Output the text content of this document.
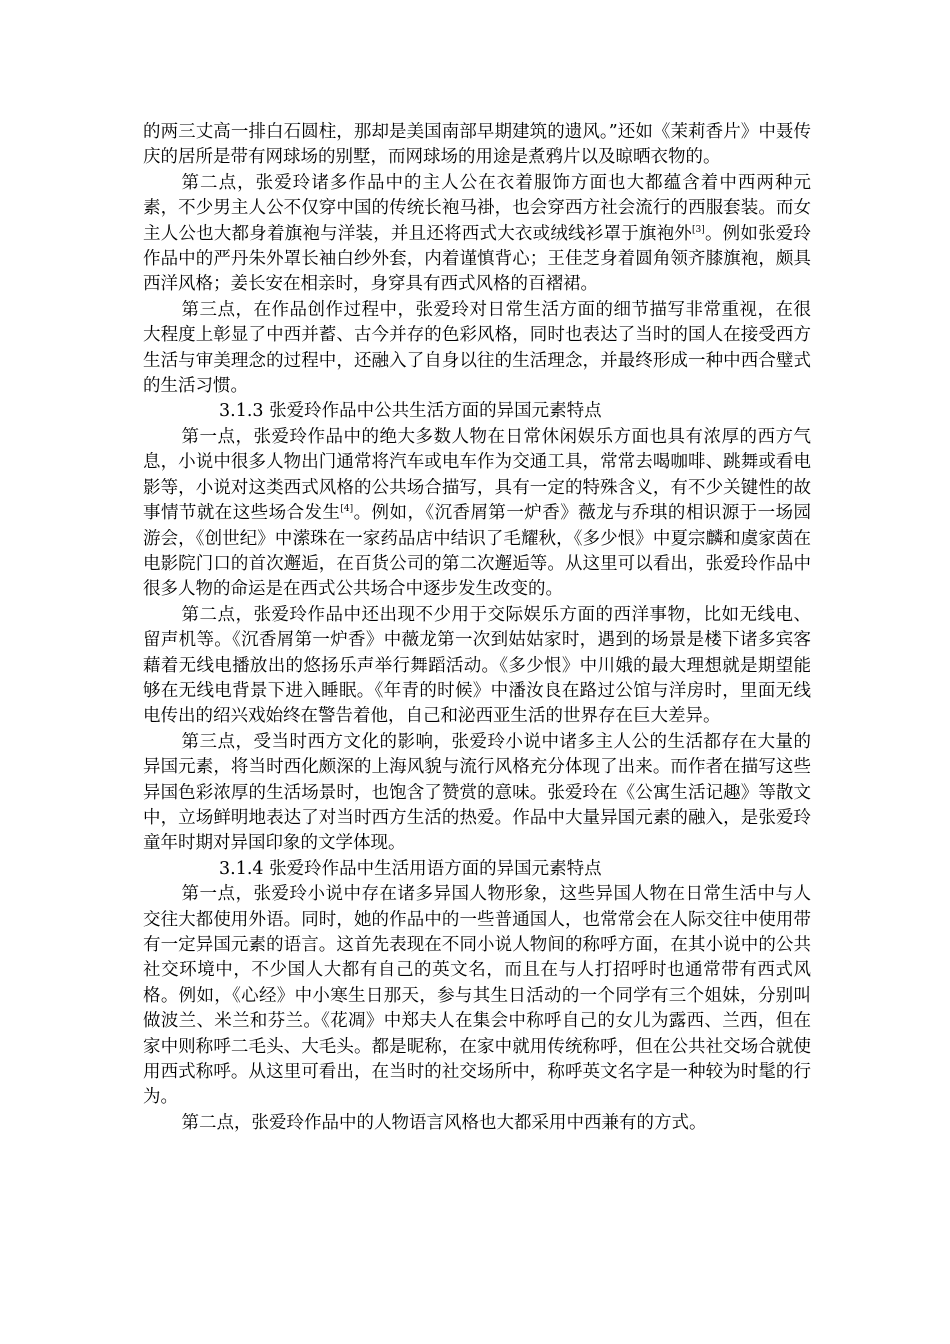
的两三丈高一排白石圆柱，那却是美国南部早期建筑的遗风。”还如《茉莉香片》中聂传庆的居所是带有网球场的别墅，而网球场的用途是煮鸦片以及晾晒衣物的。

第二点，张爱玲诸多作品中的主人公在衣着服饰方面也大都蕴含着中西两种元素，不少男主人公不仅穿中国的传统长袍马褂，也会穿西方社会流行的西服套装。而女主人公也大都身着旗袍与洋装，并且还将西式大衣或绒线衫罩于旗袍外[3]。例如张爱玲作品中的严丹朱外罩长袖白纱外套，内着谨慎背心；王佳芝身着圆角领齐膝旗袍，颇具西洋风格；姜长安在相亲时，身穿具有西式风格的百褶裙。

第三点，在作品创作过程中，张爱玲对日常生活方面的细节描写非常重视，在很大程度上彰显了中西并蓄、古今并存的色彩风格，同时也表达了当时的国人在接受西方生活与审美理念的过程中，还融入了自身以往的生活理念，并最终形成一种中西合璧式的生活习惯。

3.1.3 张爱玲作品中公共生活方面的异国元素特点

第一点，张爱玲作品中的绝大多数人物在日常休闲娱乐方面也具有浓厚的西方气息，小说中很多人物出门通常将汽车或电车作为交通工具，常常去喝咖啡、跳舞或看电影等，小说对这类西式风格的公共场合描写，具有一定的特殊含义，有不少关键性的故事情节就在这些场合发生[4]。例如，《沉香屑第一炉香》薇龙与乔琪的相识源于一场园游会，《创世纪》中潆珠在一家药品店中结识了毛耀秋，《多少恨》中夏宗麟和虞家茵在电影院门口的首次邂逅，在百货公司的第二次邂逅等。从这里可以看出，张爱玲作品中很多人物的命运是在西式公共场合中逐步发生改变的。

第二点，张爱玲作品中还出现不少用于交际娱乐方面的西洋事物，比如无线电、留声机等。《沉香屑第一炉香》中薇龙第一次到姑姑家时，遇到的场景是楼下诸多宾客藉着无线电播放出的悠扬乐声举行舞蹈活动。《多少恨》中川娥的最大理想就是期望能够在无线电背景下进入睡眠。《年青的时候》中潘汝良在路过公馆与洋房时，里面无线电传出的绍兴戏始终在警告着他，自己和泌西亚生活的世界存在巨大差异。

第三点，受当时西方文化的影响，张爱玲小说中诸多主人公的生活都存在大量的异国元素，将当时西化颇深的上海风貌与流行风格充分体现了出来。而作者在描写这些异国色彩浓厚的生活场景时，也饱含了赞赏的意味。张爱玲在《公寓生活记趣》等散文中，立场鲜明地表达了对当时西方生活的热爱。作品中大量异国元素的融入，是张爱玲童年时期对异国印象的文学体现。

3.1.4 张爱玲作品中生活用语方面的异国元素特点

第一点，张爱玲小说中存在诸多异国人物形象，这些异国人物在日常生活中与人交往大都使用外语。同时，她的作品中的一些普通国人，也常常会在人际交往中使用带有一定异国元素的语言。这首先表现在不同小说人物间的称呼方面，在其小说中的公共社交环境中，不少国人大都有自己的英文名，而且在与人打招呼时也通常带有西式风格。例如，《心经》中小寒生日那天，参与其生日活动的一个同学有三个姐妹，分别叫做波兰、米兰和芬兰。《花凋》中郑夫人在集会中称呼自己的女儿为露西、兰西，但在家中则称呼二毛头、大毛头。都是昵称，在家中就用传统称呼，但在公共社交场合就使用西式称呼。从这里可看出，在当时的社交场所中，称呼英文名字是一种较为时髦的行为。

第二点，张爱玲作品中的人物语言风格也大都采用中西兼有的方式。
